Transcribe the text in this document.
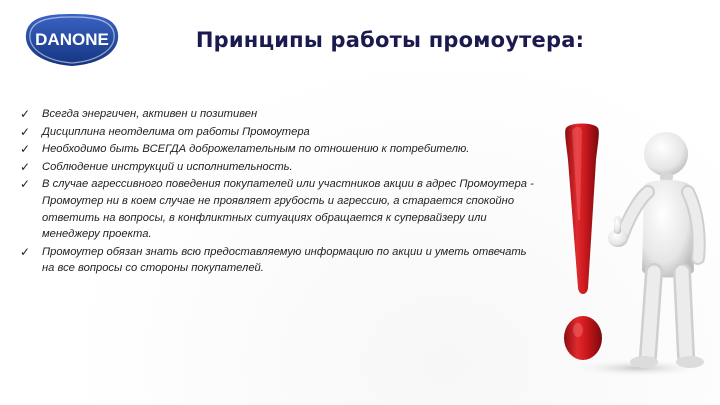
DANONE	Принципы работы промоутера:
✓	Всегда энергичен, активен и позитивен
✓	Дисциплина неотделима от работы Промоутера
✓	Необходимо быть ВСЕГДА доброжелательным по отношению к потребителю.
✓	Соблюдение инструкций и исполнительность.
✓	В случае агрессивного поведения покупателей или участников акции в адрес Промоутера - Промоутер ни в коем случае не проявляет грубость и агрессию, а старается спокойно ответить на вопросы, в конфликтных ситуациях обращается к супервайзеру или менеджеру проекта.
✓	Промоутер обязан знать всю предоставляемую информацию по акции и уметь отвечать на все вопросы со стороны покупателей.
